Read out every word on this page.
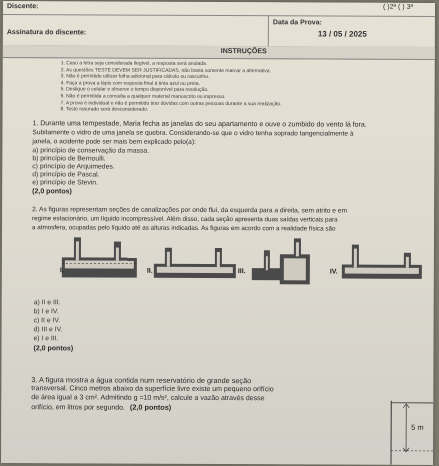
Discente:	( )2ª ( ) 3ª
Assinatura do discente:
Data da Prova:
13 / 05 / 2025
INSTRUÇÕES
1. Caso a letra seja considerada ilegível, a resposta será anulada.
2. As questões TESTE DEVEM SER JUSTIFICADAS, não basta somente marcar a alternativa.
3. Não é permitido utilizar folha adicional para cálculo ou rascunho.
4. Faça a prova a lápis com resposta final à tinta azul ou preta.
5. Desligue o celular e observe o tempo disponível para resolução.
6. Não é permitida a consulta a qualquer material manuscrito ou impresso.
7. A prova é individual e não é permitido tirar dúvidas com outras pessoas durante a sua realização.
8. Teste rasurado será desconsiderado.
1. Durante uma tempestade, Maria fecha as janelas do seu apartamento e ouve o zumbido do vento lá fora.
Subitamente o vidro de uma janela se quebra. Considerando-se que o vidro tenha soprado tangencialmente à
janela, o acidente pode ser mais bem explicado pelo(a):
a) princípio de conservação da massa.
b) princípio de Bernoulli.
c) princípio de Arquimedes.
d) princípio de Pascal.
e) princípio de Stevin.
(2,0 pontos)
2. As figuras representam seções de canalizações por onde flui, da esquerda para a direita, sem atrito e em
regime estacionário, um líquido incompressível. Além disso, cada seção apresenta duas saídas verticais para
a atmosfera, ocupadas pelo líquido até as alturas indicadas. As figuras em acordo com a realidade física são
I.	II.	III.	IV.
a) II e III.
b) I e IV.
c) II e IV.
d) III e IV.
e) I e III.
(2,0 pontos)
3. A figura mostra a água contida num reservatório de grande seção
transversal. Cinco metros abaixo da superfície livre existe um pequeno orifício
de área igual a 3 cm². Admitindo g =10 m/s², calcule a vazão através desse
orifício, em litros por segundo. (2,0 pontos)
5 m
